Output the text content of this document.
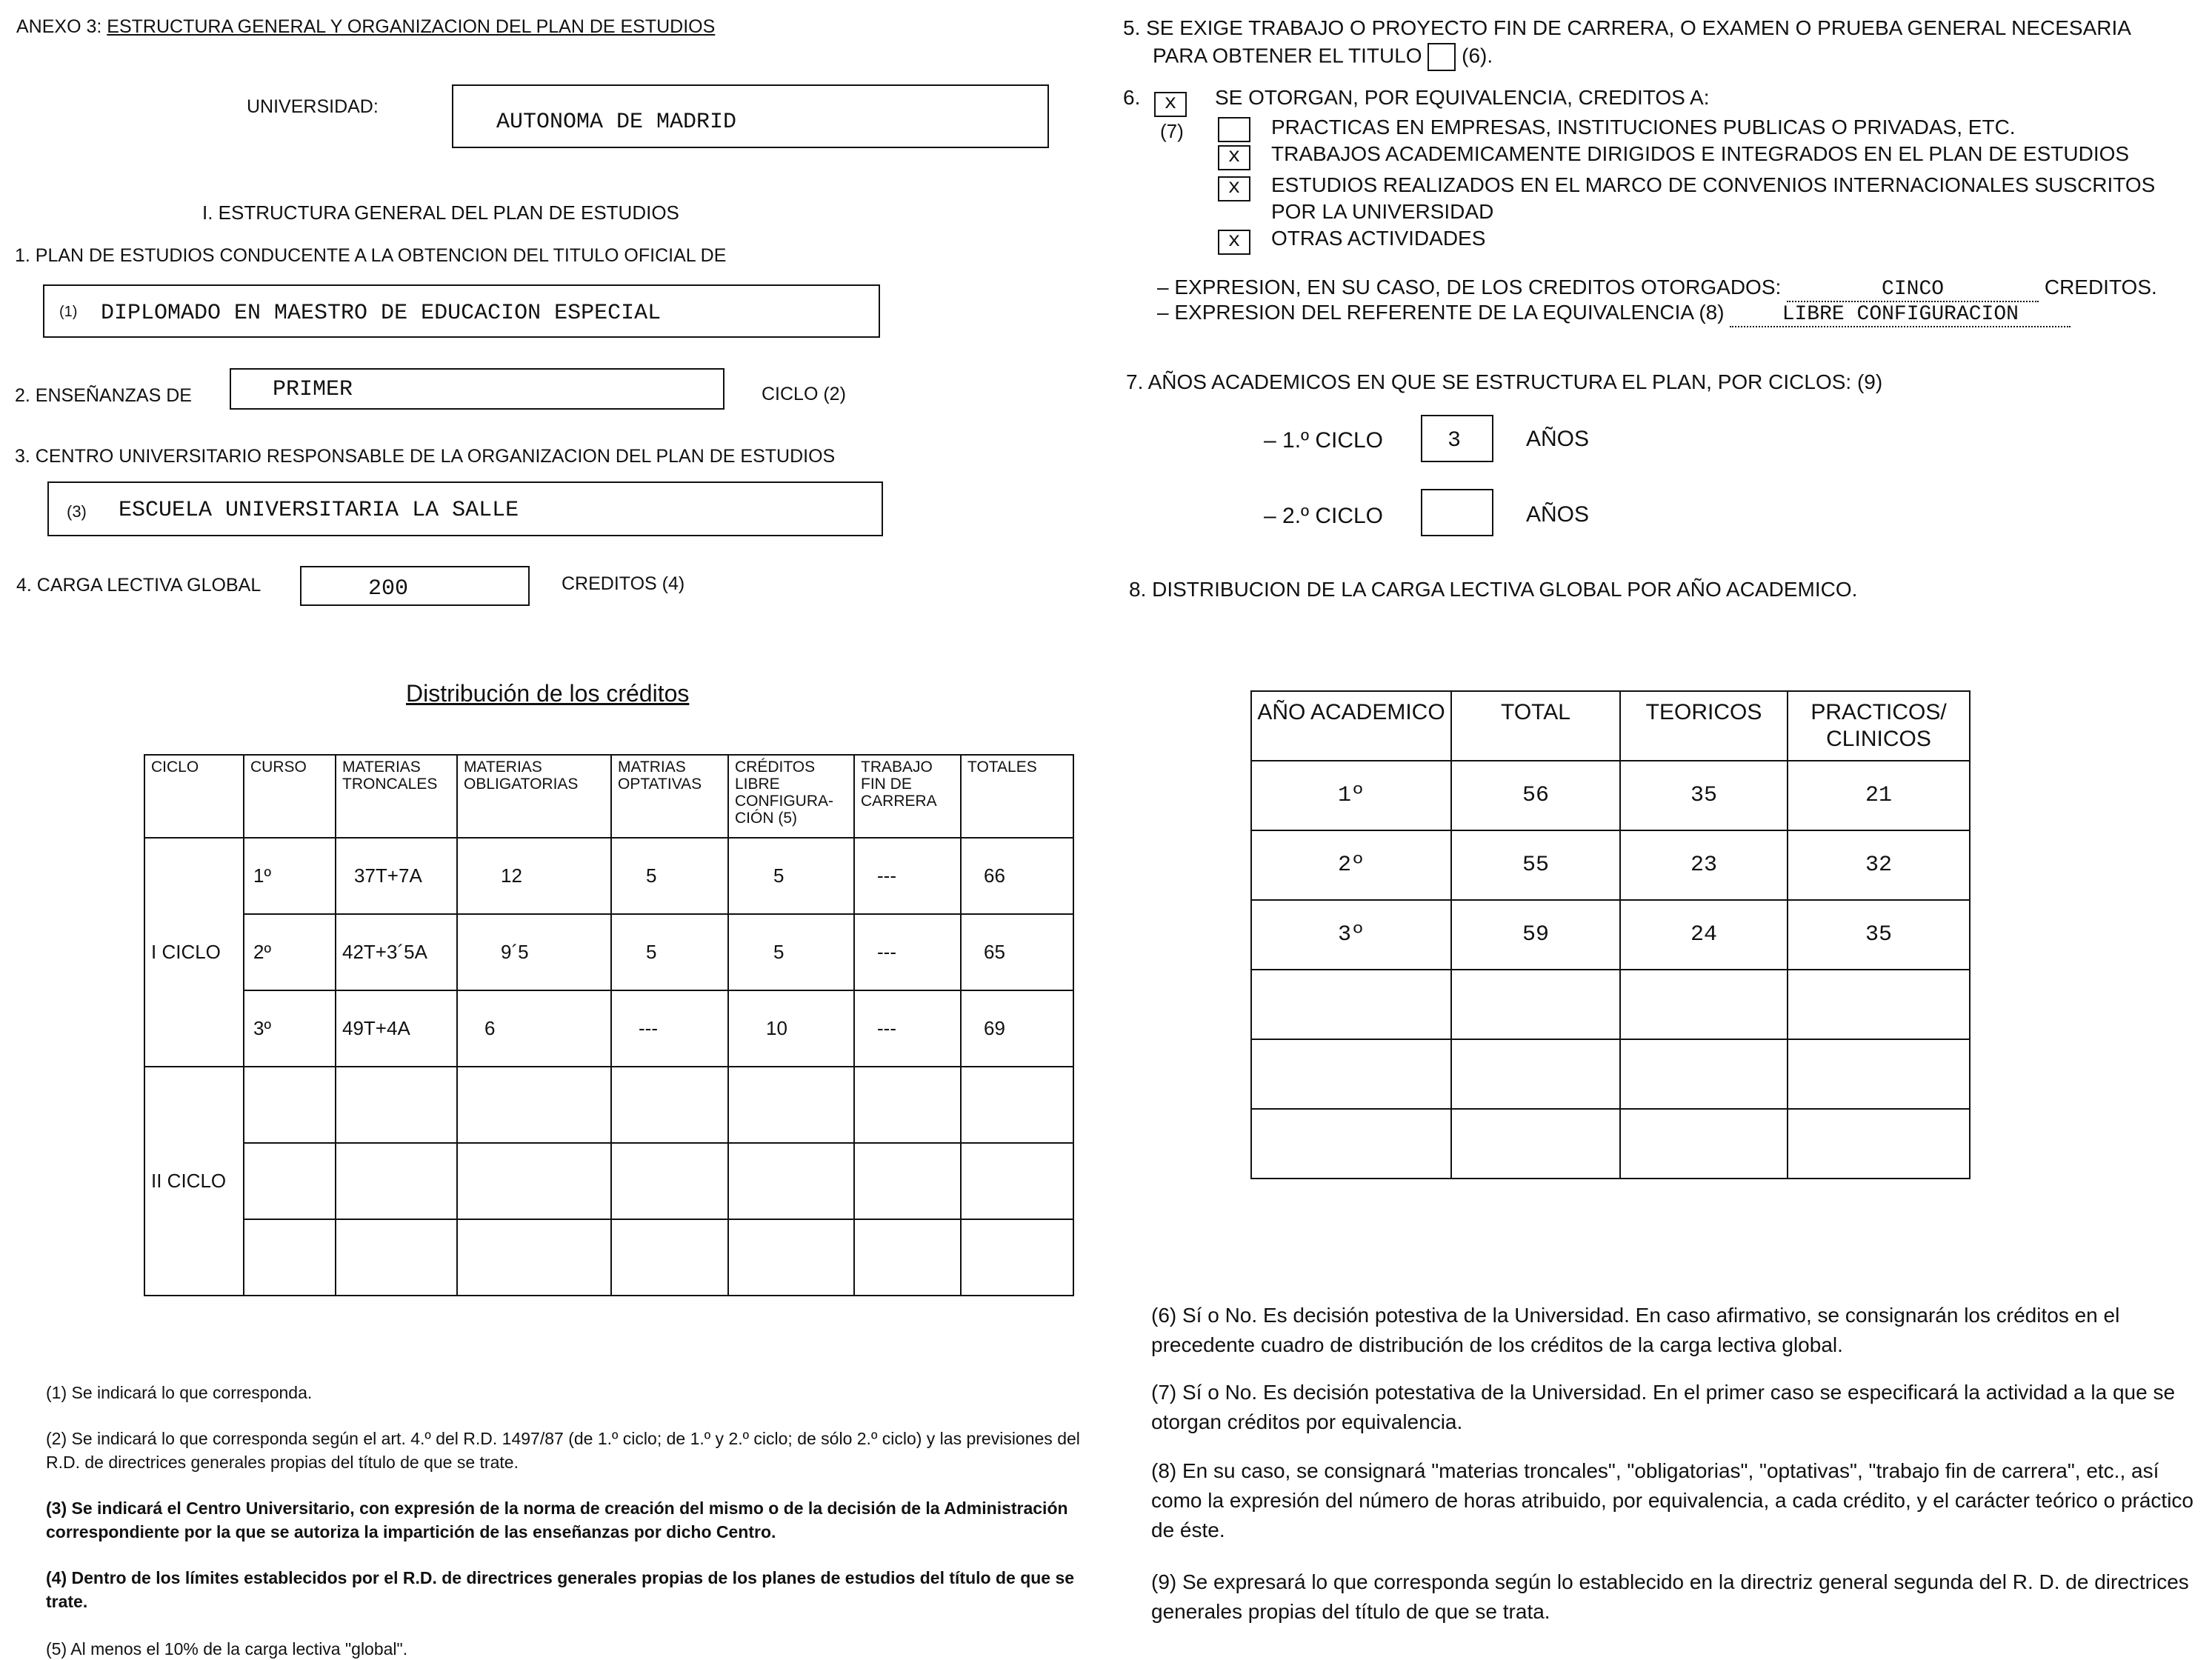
ANEXO 3: ESTRUCTURA GENERAL Y ORGANIZACION DEL PLAN DE ESTUDIOS
UNIVERSIDAD:
AUTONOMA DE MADRID
I. ESTRUCTURA GENERAL DEL PLAN DE ESTUDIOS
1. PLAN DE ESTUDIOS CONDUCENTE A LA OBTENCION DEL TITULO OFICIAL DE
(1) DIPLOMADO EN MAESTRO DE EDUCACION ESPECIAL
2. ENSEÑANZAS DE	PRIMER	CICLO (2)
3. CENTRO UNIVERSITARIO RESPONSABLE DE LA ORGANIZACION DEL PLAN DE ESTUDIOS
(3) ESCUELA UNIVERSITARIA LA SALLE
4. CARGA LECTIVA GLOBAL	200	CREDITOS (4)
Distribución de los créditos
CICLO	CURSO	MATERIAS TRONCALES	MATERIAS OBLIGATORIAS	MATRIAS OPTATIVAS	CRÉDITOS LIBRE CONFIGURA-CIÓN (5)	TRABAJO FIN DE CARRERA	TOTALES
I CICLO	1º	37T+7A	12	5	5	---	66
	2º	42T+3´5A	9´5	5	5	---	65
	3º	49T+4A	6	---	10	---	69
II CICLO							

(1) Se indicará lo que corresponda.
(2) Se indicará lo que corresponda según el art. 4.º del R.D. 1497/87 (de 1.º ciclo; de 1.º y 2.º ciclo; de sólo 2.º ciclo) y las previsiones del R.D. de directrices generales propias del título de que se trate.
(3) Se indicará el Centro Universitario, con expresión de la norma de creación del mismo o de la decisión de la Administración correspondiente por la que se autoriza la impartición de las enseñanzas por dicho Centro.
(4) Dentro de los límites establecidos por el R.D. de directrices generales propias de los planes de estudios del título de que se trate.
(5) Al menos el 10% de la carga lectiva "global".
5. SE EXIGE TRABAJO O PROYECTO FIN DE CARRERA, O EXAMEN O PRUEBA GENERAL NECESARIA
PARA OBTENER EL TITULO (6).
6.	x
(7)
SE OTORGAN, POR EQUIVALENCIA, CREDITOS A:
PRACTICAS EN EMPRESAS, INSTITUCIONES PUBLICAS O PRIVADAS, ETC.
x	TRABAJOS ACADEMICAMENTE DIRIGIDOS E INTEGRADOS EN EL PLAN DE ESTUDIOS
x	ESTUDIOS REALIZADOS EN EL MARCO DE CONVENIOS INTERNACIONALES SUSCRITOS
POR LA UNIVERSIDAD
x	OTRAS ACTIVIDADES
– EXPRESION, EN SU CASO, DE LOS CREDITOS OTORGADOS:	CINCO	CREDITOS.
– EXPRESION DEL REFERENTE DE LA EQUIVALENCIA (8)	LIBRE CONFIGURACION
7. AÑOS ACADEMICOS EN QUE SE ESTRUCTURA EL PLAN, POR CICLOS: (9)
– 1.º CICLO	3	AÑOS
– 2.º CICLO	AÑOS
8. DISTRIBUCION DE LA CARGA LECTIVA GLOBAL POR AÑO ACADEMICO.
AÑO ACADEMICO	TOTAL	TEORICOS	PRACTICOS/ CLINICOS
1º	56	35	21
2º	55	23	32
3º	59	24	35

(6) Sí o No. Es decisión potestiva de la Universidad. En caso afirmativo, se consignarán los créditos en el precedente cuadro de distribución de los créditos de la carga lectiva global.
(7) Sí o No. Es decisión potestativa de la Universidad. En el primer caso se especificará la actividad a la que se otorgan créditos por equivalencia.
(8) En su caso, se consignará "materias troncales", "obligatorias", "optativas", "trabajo fin de carrera", etc., así como la expresión del número de horas atribuido, por equivalencia, a cada crédito, y el carácter teórico o práctico de éste.
(9) Se expresará lo que corresponda según lo establecido en la directriz general segunda del R. D. de directrices generales propias del título de que se trata.
